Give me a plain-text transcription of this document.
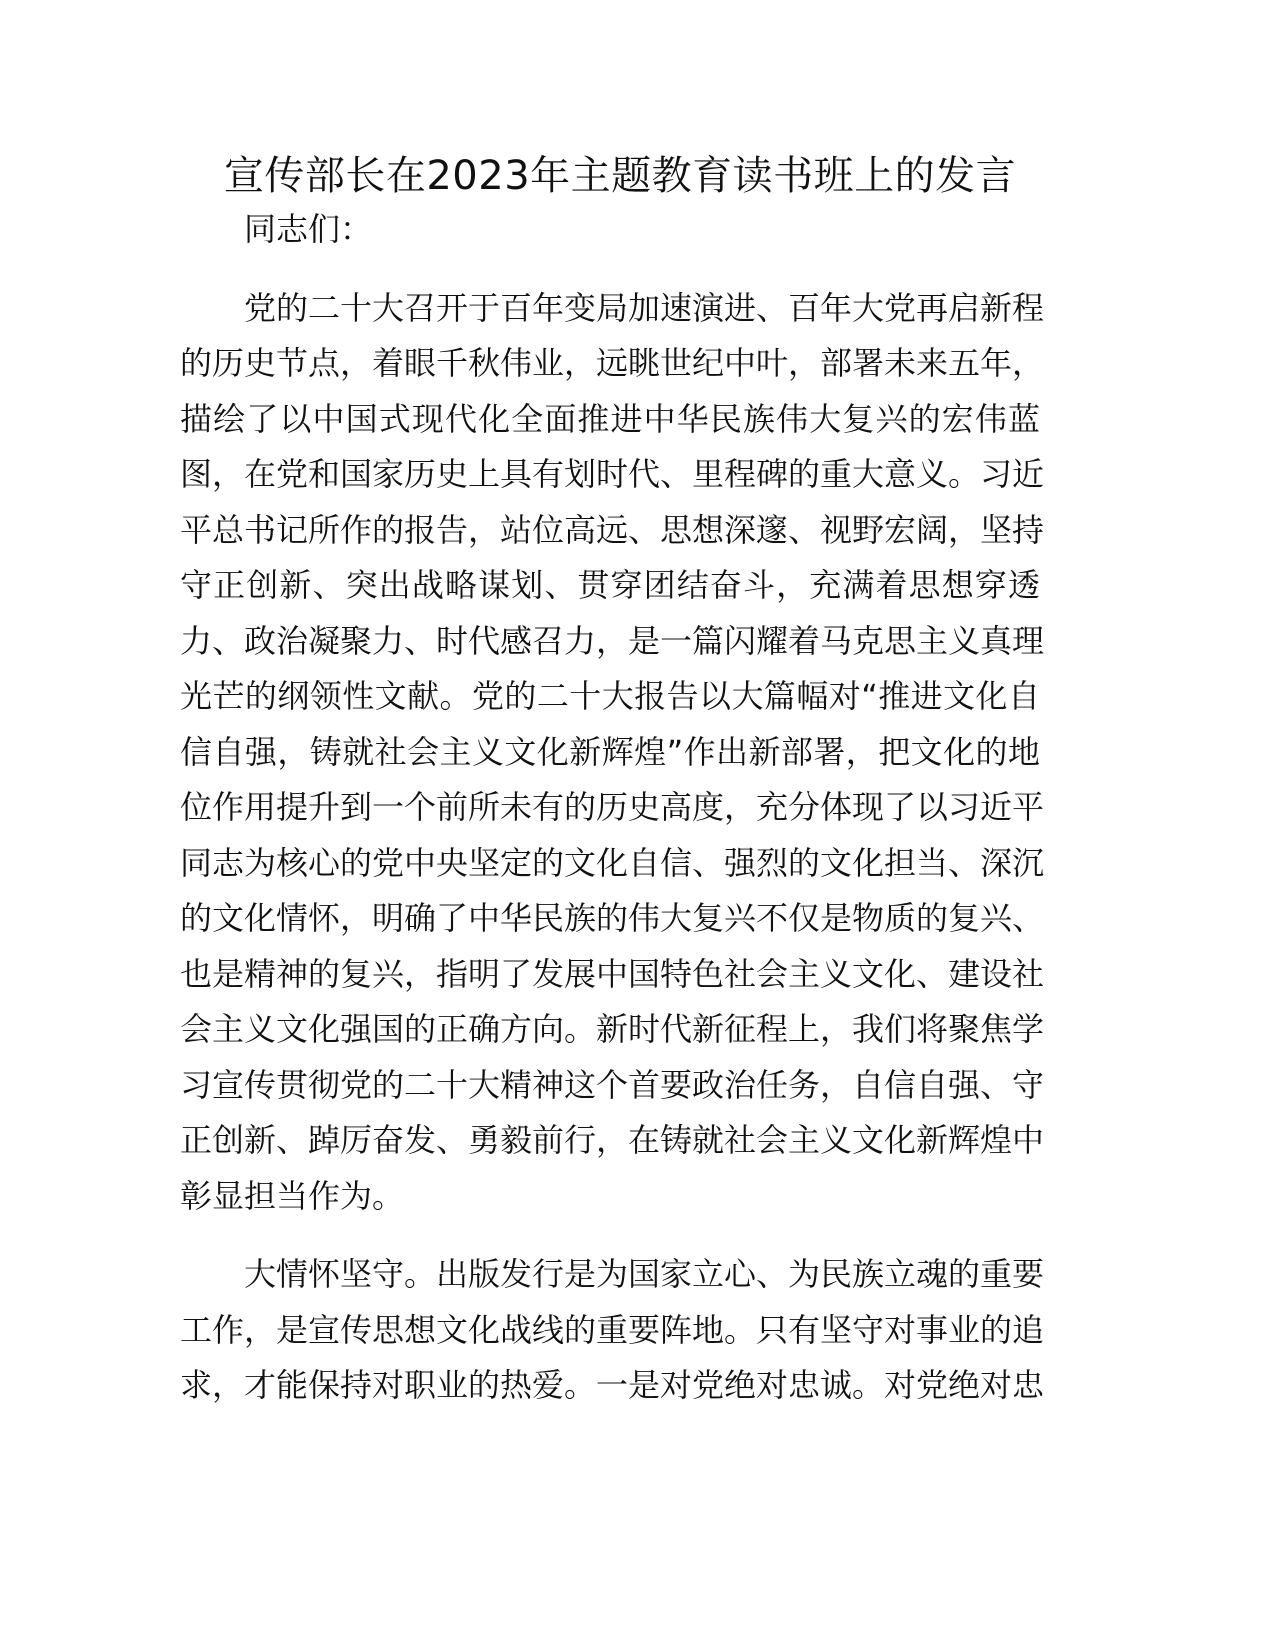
宣传部长在2023年主题教育读书班上的发言
同志们：
党的二十大召开于百年变局加速演进、百年大党再启新程
的历史节点，着眼千秋伟业，远眺世纪中叶，部署未来五年，
描绘了以中国式现代化全面推进中华民族伟大复兴的宏伟蓝
图，在党和国家历史上具有划时代、里程碑的重大意义。习近
平总书记所作的报告，站位高远、思想深邃、视野宏阔，坚持
守正创新、突出战略谋划、贯穿团结奋斗，充满着思想穿透
力、政治凝聚力、时代感召力，是一篇闪耀着马克思主义真理
光芒的纲领性文献。党的二十大报告以大篇幅对“推进文化自
信自强，铸就社会主义文化新辉煌”作出新部署，把文化的地
位作用提升到一个前所未有的历史高度，充分体现了以习近平
同志为核心的党中央坚定的文化自信、强烈的文化担当、深沉
的文化情怀，明确了中华民族的伟大复兴不仅是物质的复兴、
也是精神的复兴，指明了发展中国特色社会主义文化、建设社
会主义文化强国的正确方向。新时代新征程上，我们将聚焦学
习宣传贯彻党的二十大精神这个首要政治任务，自信自强、守
正创新、踔厉奋发、勇毅前行，在铸就社会主义文化新辉煌中
彰显担当作为。
大情怀坚守。出版发行是为国家立心、为民族立魂的重要
工作，是宣传思想文化战线的重要阵地。只有坚守对事业的追
求，才能保持对职业的热爱。一是对党绝对忠诚。对党绝对忠
